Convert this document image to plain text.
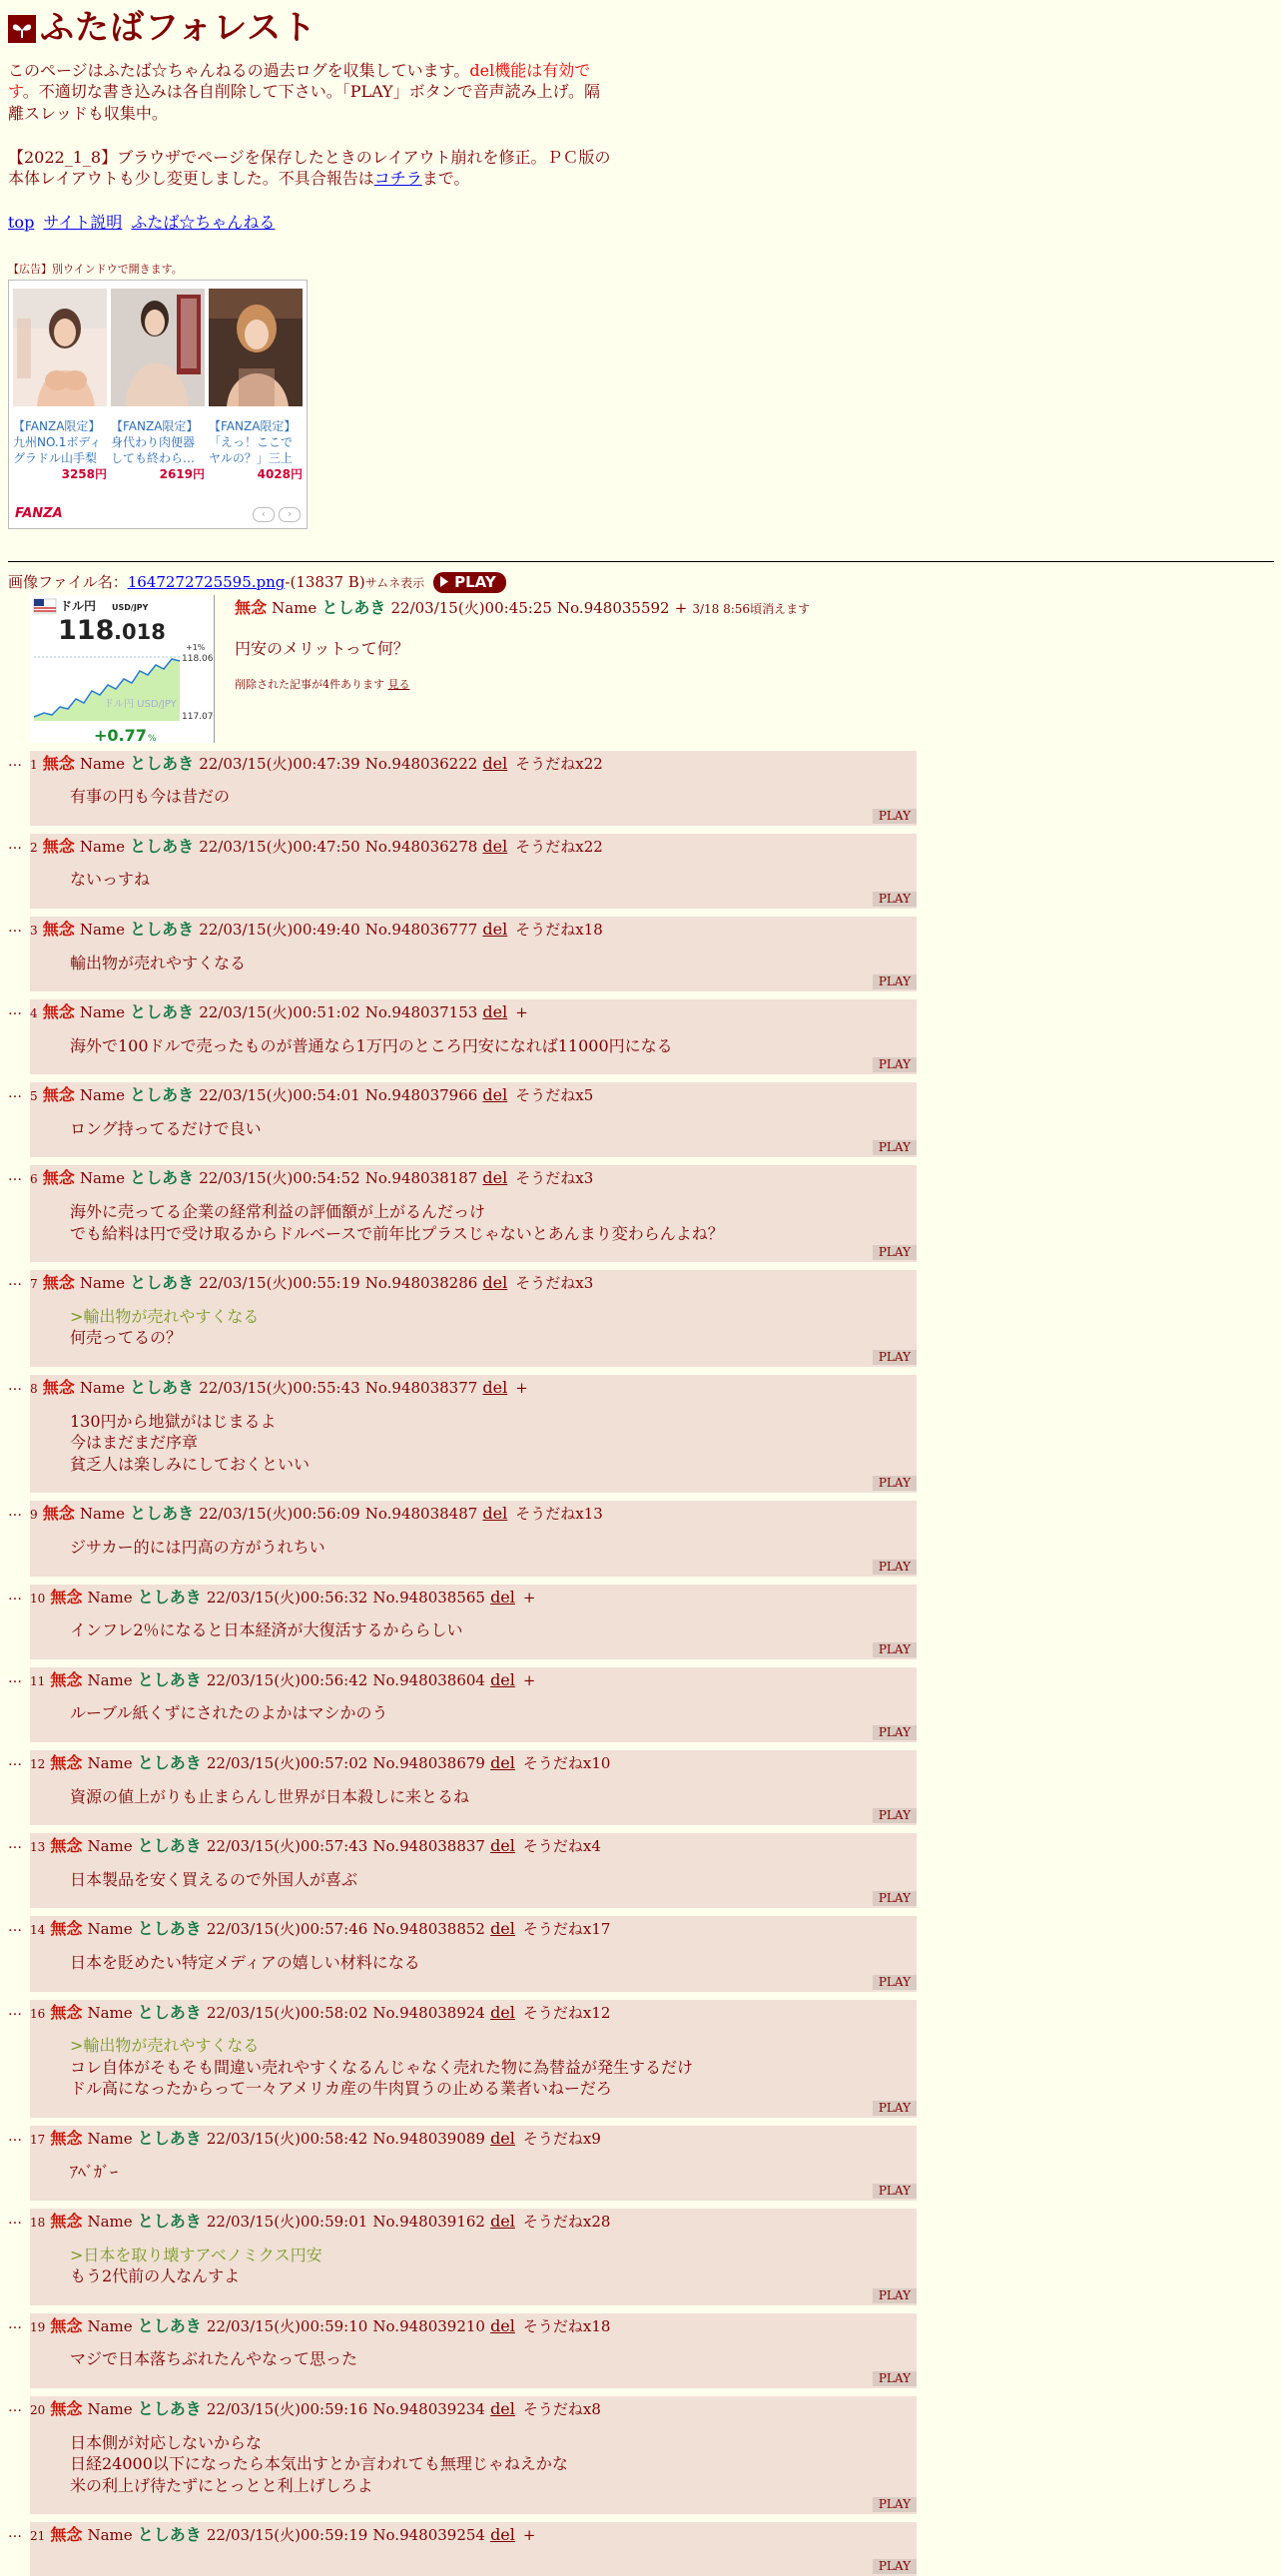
ふたばフォレスト
このページはふたば☆ちゃんねるの過去ログを収集しています。del機能は有効です。不適切な書き込みは各自削除して下さい。「PLAY」ボタンで音声読み上げ。隔離スレッドも収集中。
【2022_1_8】ブラウザでページを保存したときのレイアウト崩れを修正。ＰＣ版の本体レイアウトも少し変更しました。不具合報告はコチラまで。
top サイト説明 ふたば☆ちゃんねる
【広告】別ウインドウで開きます。
【FANZA限定】九州NO.1ボディグラドル山手梨
3258円
【FANZA限定】身代わり肉便器 しても終わら…
2619円
【FANZA限定】「えっ！ここでヤルの？」三上
4028円
FANZA	‹	›
画像ファイル名：1647272725595.png-(13837 B)サムネ表示 PLAY
ドル円 USD/JPY
118 .018
+1%
118.06
ドル円 USD/JPY
117.07
+0.77 %
無念 Name としあき 22/03/15(火)00:45:25 No.948035592 + 3/18 8:56頃消えます
円安のメリットって何？
削除された記事が4件あります 見る
… 1 無念 Name としあき 22/03/15(火)00:47:39 No.948036222 del そうだねx22
有事の円も今は昔だの
PLAY
… 2 無念 Name としあき 22/03/15(火)00:47:50 No.948036278 del そうだねx22
ないっすね
PLAY
… 3 無念 Name としあき 22/03/15(火)00:49:40 No.948036777 del そうだねx18
輸出物が売れやすくなる
PLAY
… 4 無念 Name としあき 22/03/15(火)00:51:02 No.948037153 del +
海外で100ドルで売ったものが普通なら1万円のところ円安になれば11000円になる
PLAY
… 5 無念 Name としあき 22/03/15(火)00:54:01 No.948037966 del そうだねx5
ロング持ってるだけで良い
PLAY
… 6 無念 Name としあき 22/03/15(火)00:54:52 No.948038187 del そうだねx3
海外に売ってる企業の経常利益の評価額が上がるんだっけ
でも給料は円で受け取るからドルベースで前年比プラスじゃないとあんまり変わらんよね？
PLAY
… 7 無念 Name としあき 22/03/15(火)00:55:19 No.948038286 del そうだねx3
>輸出物が売れやすくなる
何売ってるの？
PLAY
… 8 無念 Name としあき 22/03/15(火)00:55:43 No.948038377 del +
130円から地獄がはじまるよ
今はまだまだ序章
貧乏人は楽しみにしておくといい
PLAY
… 9 無念 Name としあき 22/03/15(火)00:56:09 No.948038487 del そうだねx13
ジサカー的には円高の方がうれちい
PLAY
… 10 無念 Name としあき 22/03/15(火)00:56:32 No.948038565 del +
インフレ2％になると日本経済が大復活するかららしい
PLAY
… 11 無念 Name としあき 22/03/15(火)00:56:42 No.948038604 del +
ルーブル紙くずにされたのよかはマシかのう
PLAY
… 12 無念 Name としあき 22/03/15(火)00:57:02 No.948038679 del そうだねx10
資源の値上がりも止まらんし世界が日本殺しに来とるね
PLAY
… 13 無念 Name としあき 22/03/15(火)00:57:43 No.948038837 del そうだねx4
日本製品を安く買えるので外国人が喜ぶ
PLAY
… 14 無念 Name としあき 22/03/15(火)00:57:46 No.948038852 del そうだねx17
日本を貶めたい特定メディアの嬉しい材料になる
PLAY
… 16 無念 Name としあき 22/03/15(火)00:58:02 No.948038924 del そうだねx12
>輸出物が売れやすくなる
コレ自体がそもそも間違い売れやすくなるんじゃなく売れた物に為替益が発生するだけ
ドル高になったからって一々アメリカ産の牛肉買うの止める業者いねーだろ
PLAY
… 17 無念 Name としあき 22/03/15(火)00:58:42 No.948039089 del そうだねx9
ｱﾍﾞｶﾞｰ
PLAY
… 18 無念 Name としあき 22/03/15(火)00:59:01 No.948039162 del そうだねx28
>日本を取り壊すアベノミクス円安
もう2代前の人なんすよ
PLAY
… 19 無念 Name としあき 22/03/15(火)00:59:10 No.948039210 del そうだねx18
マジで日本落ちぶれたんやなって思った
PLAY
… 20 無念 Name としあき 22/03/15(火)00:59:16 No.948039234 del そうだねx8
日本側が対応しないからな
日経24000以下になったら本気出すとか言われても無理じゃねえかな
米の利上げ待たずにとっとと利上げしろよ
PLAY
… 21 無念 Name としあき 22/03/15(火)00:59:19 No.948039254 del +
PLAY
